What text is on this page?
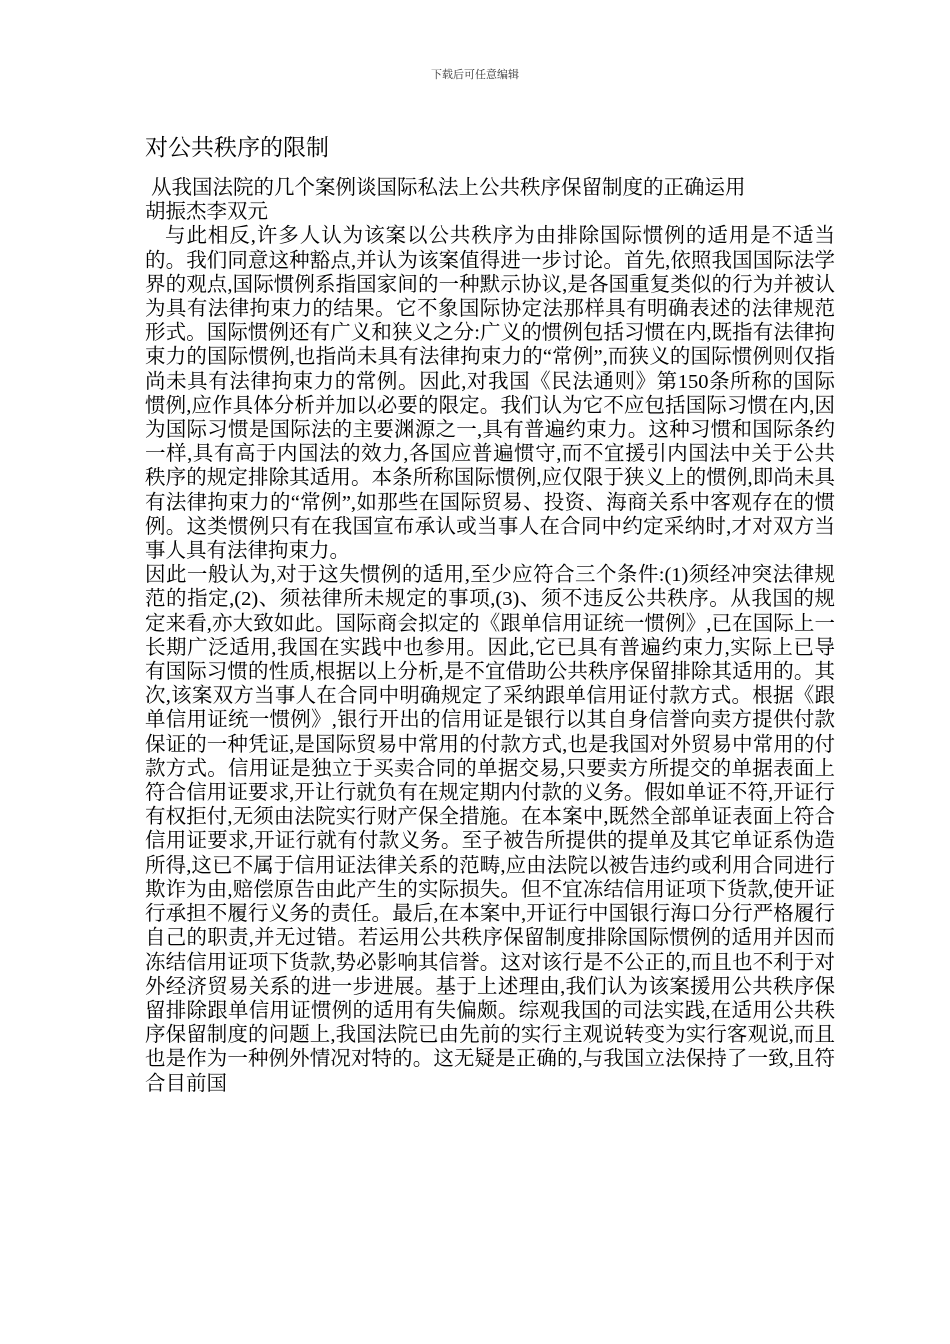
下载后可任意编辑
对公共秩序的限制
从我国法院的几个案例谈国际私法上公共秩序保留制度的正确运用
胡振杰李双元

与此相反,许多人认为该案以公共秩序为由排除国际惯例的适用是不适当的。我们同意这种豁点,并认为该案值得进一步讨论。首先,依照我国国际法学界的观点,国际惯例系指国家间的一种默示协议,是各国重复类似的行为并被认为具有法律拘束力的结果。它不象国际协定法那样具有明确表述的法律规范形式。国际惯例还有广义和狭义之分:广义的惯例包括习惯在内,既指有法律拘束力的国际惯例,也指尚未具有法律拘束力的“常例”,而狭义的国际惯例则仅指尚未具有法律拘束力的常例。因此,对我国《民法通则》第150条所称的国际惯例,应作具体分析并加以必要的限定。我们认为它不应包括国际习惯在内,因为国际习惯是国际法的主要渊源之一,具有普遍约束力。这种习惯和国际条约一样,具有高于内国法的效力,各国应普遍惯守,而不宜援引内国法中关于公共秩序的规定排除其适用。本条所称国际惯例,应仅限于狭义上的惯例,即尚未具有法律拘束力的“常例”,如那些在国际贸易、投资、海商关系中客观存在的惯例。这类惯例只有在我国宣布承认或当事人在合同中约定采纳时,才对双方当事人具有法律拘束力。

因此一般认为,对于这失惯例的适用,至少应符合三个条件:(1)须经冲突法律规范的指定,(2)、须祛律所未规定的事项,(3)、须不违反公共秩序。从我国的规定来看,亦大致如此。国际商会拟定的《跟单信用证统一惯例》,已在国际上一长期广泛适用,我国在实践中也参用。因此,它已具有普遍约束力,实际上已导有国际习惯的性质,根据以上分析,是不宜借助公共秩序保留排除其适用的。其次,该案双方当事人在合同中明确规定了采纳跟单信用证付款方式。根据《跟单信用证统一惯例》,银行开出的信用证是银行以其自身信誉向卖方提供付款保证的一种凭证,是国际贸易中常用的付款方式,也是我国对外贸易中常用的付款方式。信用证是独立于买卖合同的单据交易,只要卖方所提交的单据表面上符合信用证要求,开让行就负有在规定期内付款的义务。假如单证不符,开证行有权拒付,无须由法院实行财产保全措施。在本案中,既然全部单证表面上符合信用证要求,开证行就有付款义务。至子被告所提供的提单及其它单证系伪造所得,这已不属于信用证法律关系的范畴,应由法院以被告违约或利用合同进行欺诈为由,赔偿原告由此产生的实际损失。但不宜冻结信用证项下货款,使开证行承担不履行义务的责任。最后,在本案中,开证行中国银行海口分行严格履行自己的职责,并无过错。若运用公共秩序保留制度排除国际惯例的适用并因而冻结信用证项下货款,势必影响其信誉。这对该行是不公正的,而且也不利于对外经济贸易关系的进一步进展。基于上述理由,我们认为该案援用公共秩序保留排除跟单信用证惯例的适用有失偏颇。综观我国的司法实践,在适用公共秩序保留制度的问题上,我国法院已由先前的实行主观说转变为实行客观说,而且也是作为一种例外情况对特的。这无疑是正确的,与我国立法保持了一致,且符合目前国
